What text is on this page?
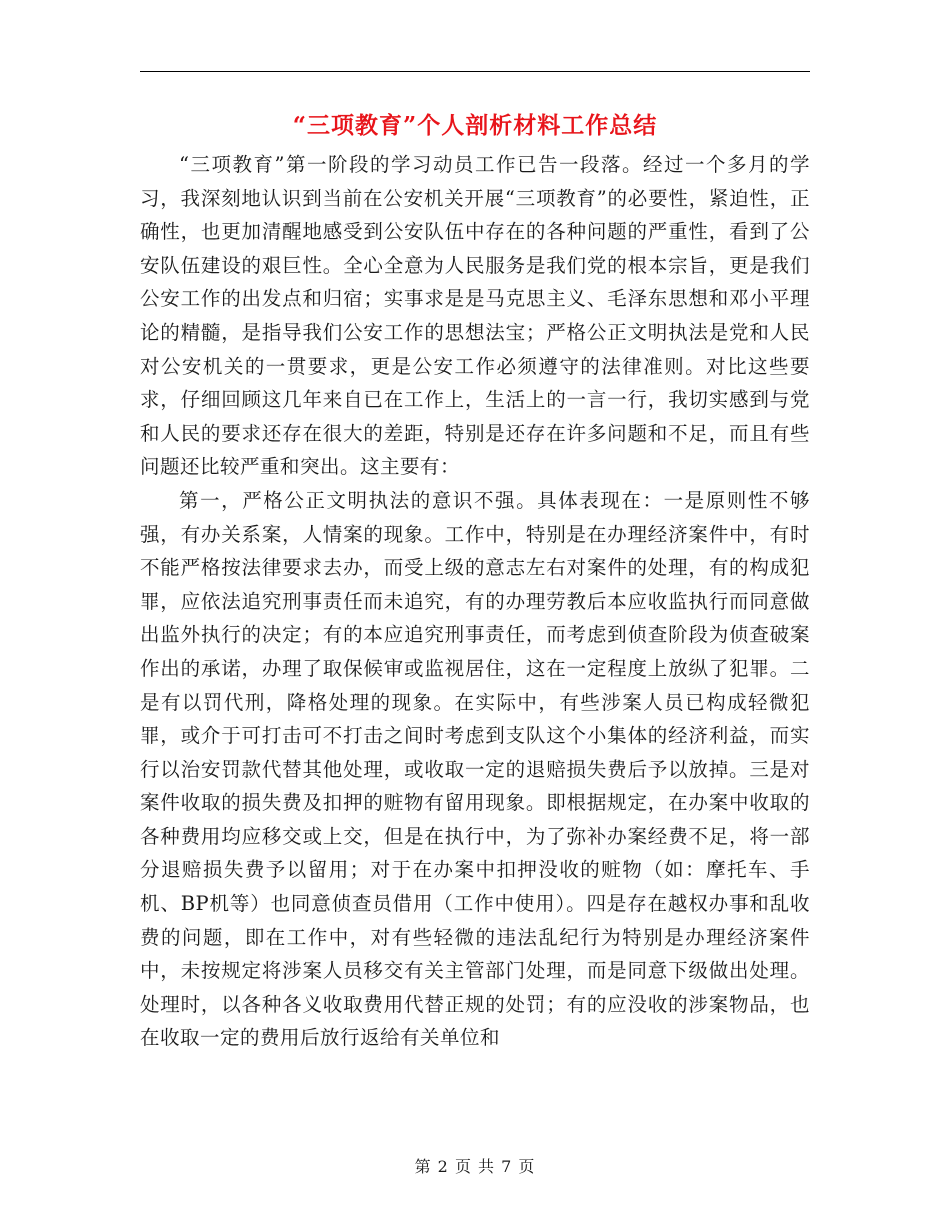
“三项教育”个人剖析材料工作总结

“三项教育”第一阶段的学习动员工作已告一段落。经过一个多月的学习，我深刻地认识到当前在公安机关开展“三项教育”的必要性，紧迫性，正确性，也更加清醒地感受到公安队伍中存在的各种问题的严重性，看到了公安队伍建设的艰巨性。全心全意为人民服务是我们党的根本宗旨，更是我们公安工作的出发点和归宿；实事求是是马克思主义、毛泽东思想和邓小平理论的精髓，是指导我们公安工作的思想法宝；严格公正文明执法是党和人民对公安机关的一贯要求，更是公安工作必须遵守的法律准则。对比这些要求，仔细回顾这几年来自已在工作上，生活上的一言一行，我切实感到与党和人民的要求还存在很大的差距，特别是还存在许多问题和不足，而且有些问题还比较严重和突出。这主要有：

第一，严格公正文明执法的意识不强。具体表现在：一是原则性不够强，有办关系案，人情案的现象。工作中，特别是在办理经济案件中，有时不能严格按法律要求去办，而受上级的意志左右对案件的处理，有的构成犯罪，应依法追究刑事责任而未追究，有的办理劳教后本应收监执行而同意做出监外执行的决定；有的本应追究刑事责任，而考虑到侦查阶段为侦查破案作出的承诺，办理了取保候审或监视居住，这在一定程度上放纵了犯罪。二是有以罚代刑，降格处理的现象。在实际中，有些涉案人员已构成轻微犯罪，或介于可打击可不打击之间时考虑到支队这个小集体的经济利益，而实行以治安罚款代替其他处理，或收取一定的退赔损失费后予以放掉。三是对案件收取的损失费及扣押的赃物有留用现象。即根据规定，在办案中收取的各种费用均应移交或上交，但是在执行中，为了弥补办案经费不足，将一部分退赔损失费予以留用；对于在办案中扣押没收的赃物（如：摩托车、手机、BP机等）也同意侦查员借用（工作中使用）。四是存在越权办事和乱收费的问题，即在工作中，对有些轻微的违法乱纪行为特别是办理经济案件中，未按规定将涉案人员移交有关主管部门处理，而是同意下级做出处理。处理时，以各种各义收取费用代替正规的处罚；有的应没收的涉案物品，也在收取一定的费用后放行返给有关单位和

第 2 页 共 7 页
